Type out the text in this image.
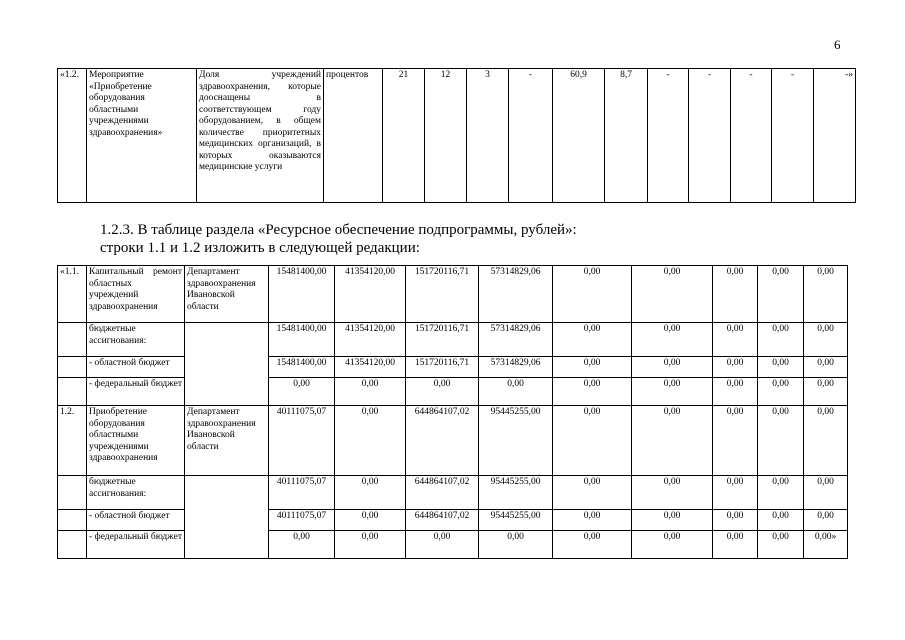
6
«1.2.	Мероприятие «Приобретение оборудования областными учреждениями здравоохранения»	Доля учреждений здравоохранения, которые дооснащены в соответствующем году оборудованием, в общем количестве приоритетных медицинских организаций, в которых оказываются медицинские услуги	процентов	21	12	3	-	60,9	8,7	-	-	-	-	-»
1.2.3. В таблице раздела «Ресурсное обеспечение подпрограммы, рублей»:
строки 1.1 и 1.2 изложить в следующей редакции:
«1.1.	Капитальный ремонт областных учреждений здравоохранения	Департамент здравоохранения Ивановской области	15481400,00	41354120,00	151720116,71	57314829,06	0,00	0,00	0,00	0,00	0,00
	бюджетные ассигнования:		15481400,00	41354120,00	151720116,71	57314829,06	0,00	0,00	0,00	0,00	0,00
	- областной бюджет		15481400,00	41354120,00	151720116,71	57314829,06	0,00	0,00	0,00	0,00	0,00
	- федеральный бюджет		0,00	0,00	0,00	0,00	0,00	0,00	0,00	0,00	0,00
1.2.	Приобретение оборудования областными учреждениями здравоохранения	Департамент здравоохранения Ивановской области	40111075,07	0,00	644864107,02	95445255,00	0,00	0,00	0,00	0,00	0,00
	бюджетные ассигнования:		40111075,07	0,00	644864107,02	95445255,00	0,00	0,00	0,00	0,00	0,00
	- областной бюджет		40111075,07	0,00	644864107,02	95445255,00	0,00	0,00	0,00	0,00	0,00
	- федеральный бюджет		0,00	0,00	0,00	0,00	0,00	0,00	0,00	0,00	0,00»
